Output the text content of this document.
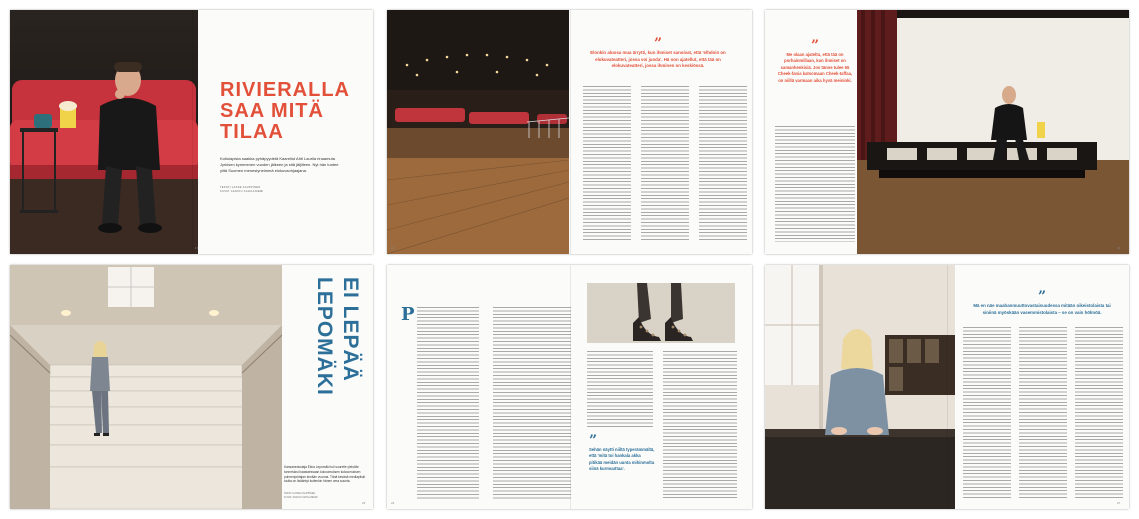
RIVIERALLA SAA MITÄ TILAA

Kotiulapista saakka pyhäpyydetä Kaarellut Ahti Laurila rinaamuta Jyrkisen kymmenen vuoden jälkeen ja sitä jäljilleen. Nyt hän tuntee ylitä Suomen menestyneimmä elokuvaohjaajana.

TEKSTI LASSE KAUPPINEN
KUVAT JAAKKO KAHILANIEMI

17

”
Elonkin aluosa mua ärrytti, kun ihmiset sanoivat, että 'elhdoin on elokuvateatteri, jossa voi juoda'. Hä oon ajatellut, että tää on elokuvateatteri, jossa ihminen on keskiössä.

18

”
Me olaan ajateltu, että tää on porhainmillaan, kun ihmiset on samanhenkisiä. Jos tänne tulee 55 Cheek-fania katsomaan Cheek-taffaa, on niillä varmaan aika hyvä meininki.

21
LEPOMÄKI EI LEPÄÄ

Kansanedustaja Elina Lepomäki tuli suurelle yleisölle tunnetuksi haastaessaan kokoomuksen kokoomuksen puheenjohtajan kevään vuonna. Tänä kesänä mediapiiski tuulta on lisääntyt kuitenkin hänen oma suunta.

TEKSTI LASSE KAUPPINEN
KUVAT JAAKKO KAHILANIEMI

23
P

”
Sehän näytti niiltä typerämmältä, että 'mitä toi hankala akka pitikää meidän uunta mihinmolta siinä kurmuuttaa'.

24

”
Mä en näe maahanmuuttovastaisuudessa mitään oikeistolaista tai siniinä myöskään vasemmistolaista – se on vain hölmöä.

27
